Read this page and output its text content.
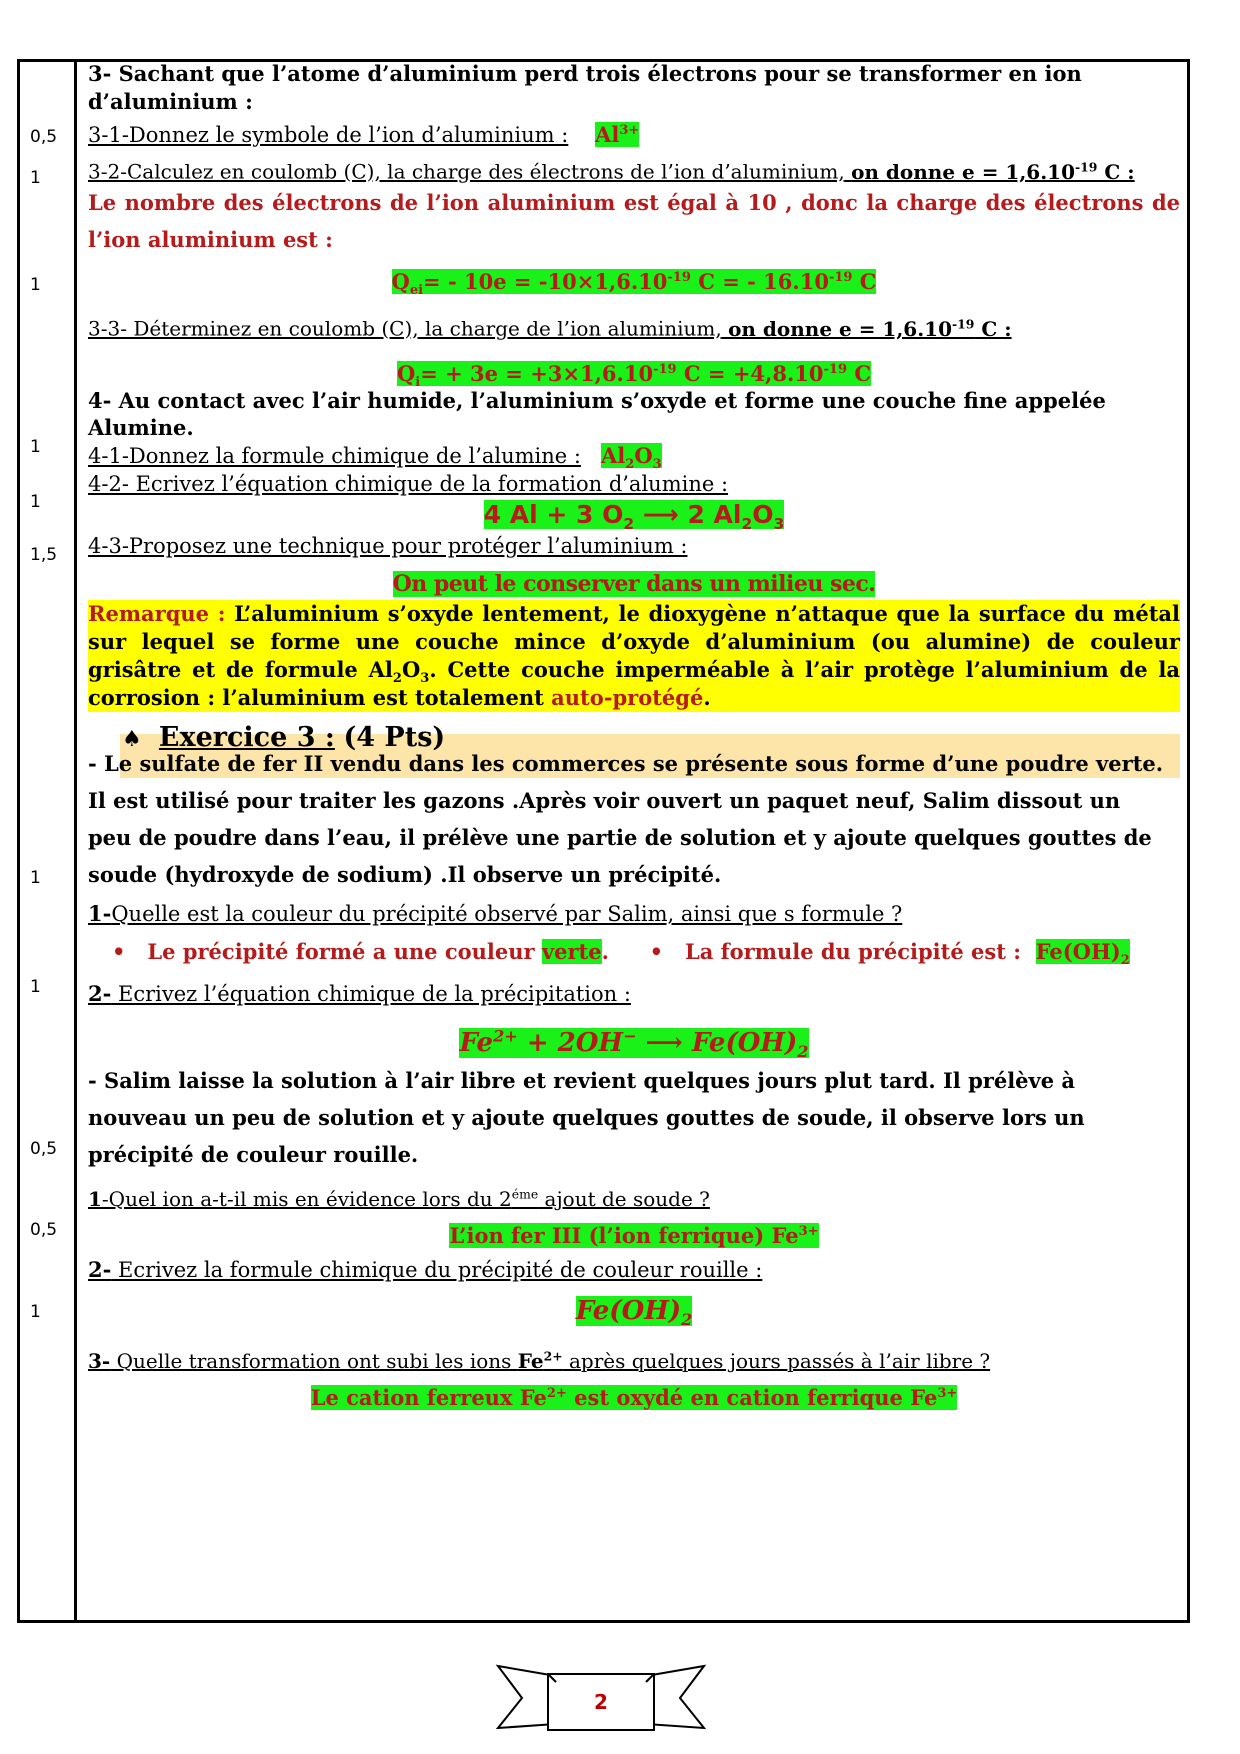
0,5
1
1
1
1
1,5
1
1
0,5
0,5
1
3- Sachant que l’atome d’aluminium perd trois électrons pour se transformer en ion
d’aluminium :
3-1-Donnez le symbole de l’ion d’aluminium : $Al^{3+}$
3-2-Calculez en coulomb (C), la charge des électrons de l’ion d’aluminium, on donne $e = 1,6.10^{-19}$ C :
Le nombre des électrons de l’ion aluminium est égal à 10 , donc la charge des électrons de
l’ion aluminium est :
$Q_{ei}= - 10e = -10\times 1,6.10^{-19}$ C = - $16.10^{-19}$ C
3-3- Déterminez en coulomb (C), la charge de l’ion aluminium, on donne $e = 1,6.10^{-19}$ C :
$Q_i= + 3e = +3\times 1,6.10^{-19}$ $C = +4,8.10^{-19}$ C
4- Au contact avec l’air humide, l’aluminium s’oxyde et forme une couche fine appelée
Alumine.
4-1-Donnez la formule chimique de l’alumine : $Al_2O_3$
4-2- Ecrivez l’équation chimique de la formation d’alumine :
4 Al + 3 $O_2$ ⟶ 2 $Al_2O_3$
4-3-Proposez une technique pour protéger l’aluminium :
On peut le conserver dans un milieu sec.
Remarque : L’aluminium s’oxyde lentement, le dioxygène n’attaque que la surface du métal
sur lequel se forme une couche mince d’oxyde d’aluminium (ou alumine) de couleur
grisâtre et de formule $Al_2O_3$. Cette couche imperméable à l’air protège l’aluminium de la
corrosion : l’aluminium est totalement auto-protégé.
♠ Exercice 3 : (4 Pts)
- Le sulfate de fer II vendu dans les commerces se présente sous forme d’une poudre verte.
Il est utilisé pour traiter les gazons .Après voir ouvert un paquet neuf, Salim dissout un
peu de poudre dans l’eau, il prélève une partie de solution et y ajoute quelques gouttes de
soude (hydroxyde de sodium) .Il observe un précipité.
1-Quelle est la couleur du précipité observé par Salim, ainsi que s formule ?
•   Le précipité formé a une couleur verte. •   La formule du précipité est : $Fe(OH)_2$
2- Ecrivez l’équation chimique de la précipitation :
$Fe^{2+} + 2OH^-$ ⟶ $Fe(OH)_2$
- Salim laisse la solution à l’air libre et revient quelques jours plut tard. Il prélève à
nouveau un peu de solution et y ajoute quelques gouttes de soude, il observe lors un
précipité de couleur rouille.
1-Quel ion a-t-il mis en évidence lors du $2^{éme}$ ajout de soude ?
L’ion fer III (l’ion ferrique) $Fe^{3+}$
2- Ecrivez la formule chimique du précipité de couleur rouille :
$Fe(OH)_2$
3- Quelle transformation ont subi les ions $Fe^{2+}$ après quelques jours passés à l’air libre ?
Le cation ferreux $Fe^{2+}$ est oxydé en cation ferrique $Fe^{3+}$
2
